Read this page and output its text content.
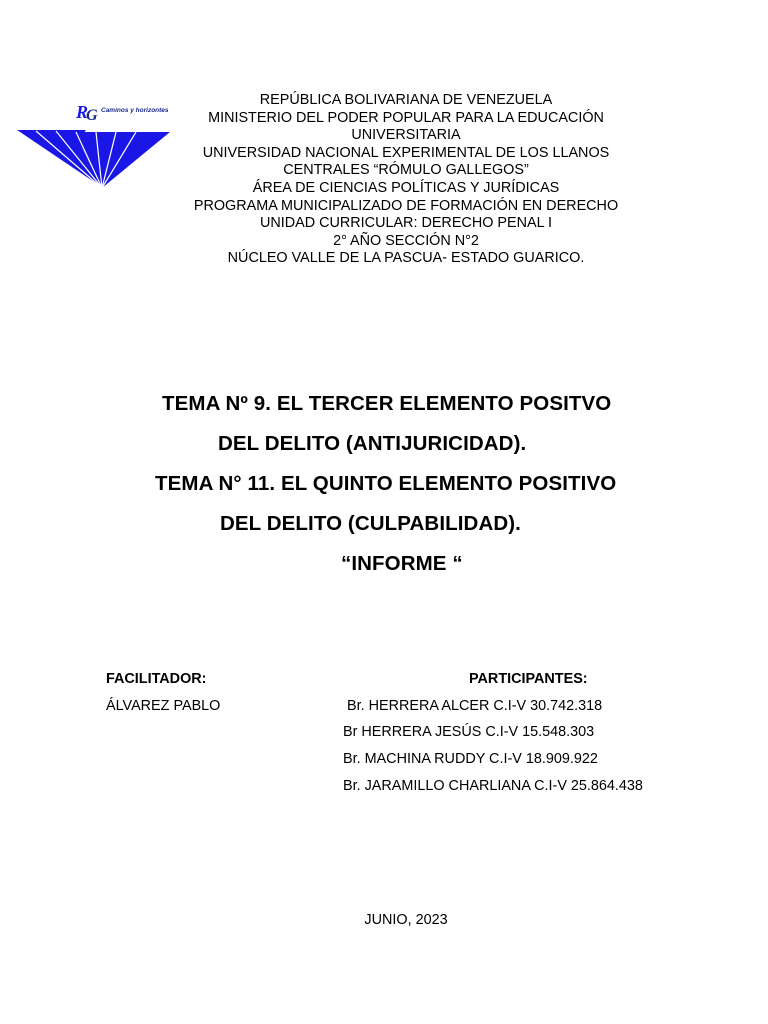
R
G Caminos y horizontes
REPÚBLICA BOLIVARIANA DE VENEZUELA
MINISTERIO DEL PODER POPULAR PARA LA EDUCACIÓN
UNIVERSITARIA
UNIVERSIDAD NACIONAL EXPERIMENTAL DE LOS LLANOS
CENTRALES “RÓMULO GALLEGOS”
ÁREA DE CIENCIAS POLÍTICAS Y JURÍDICAS
PROGRAMA MUNICIPALIZADO DE FORMACIÓN EN DERECHO
UNIDAD CURRICULAR: DERECHO PENAL I
2° AÑO SECCIÓN N°2
NÚCLEO VALLE DE LA PASCUA- ESTADO GUARICO.
TEMA Nº 9. EL TERCER ELEMENTO POSITVO
DEL DELITO (ANTIJURICIDAD).
TEMA N° 11. EL QUINTO ELEMENTO POSITIVO
DEL DELITO (CULPABILIDAD).
“INFORME “
FACILITADOR:
ÁLVAREZ PABLO
PARTICIPANTES:
Br. HERRERA ALCER C.I-V 30.742.318
Br HERRERA JESÚS C.I-V 15.548.303
Br. MACHINA RUDDY C.I-V 18.909.922
Br. JARAMILLO CHARLIANA C.I-V 25.864.438
JUNIO, 2023
